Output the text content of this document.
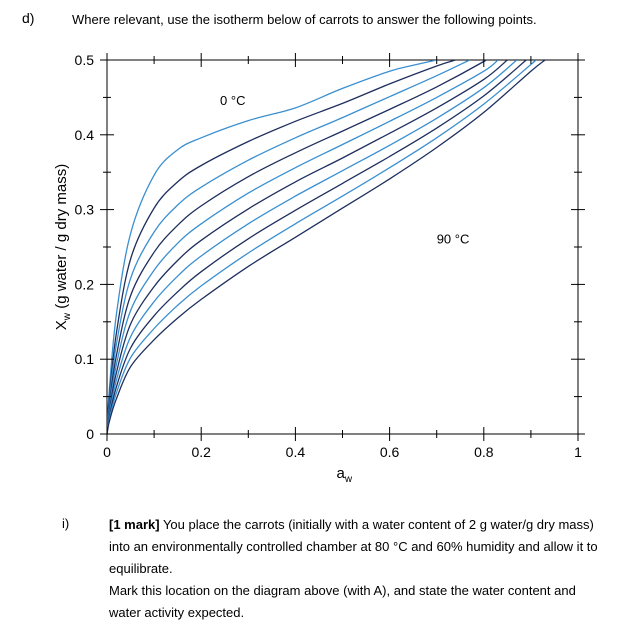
d)	Where relevant, use the isotherm below of carrots to answer the following points.
0	0.2	0.4	0.6	0.8	1
0
0.1
0.2
0.3
0.4
0.5
0 °C
90 °C
$a_w$
$X_w$ (g water / g dry mass)
i)	[1 mark] You place the carrots (initially with a water content of 2 g water/g dry mass) into an environmentally controlled chamber at 80 °C and 60% humidity and allow it to equilibrate.
Mark this location on the diagram above (with A), and state the water content and water activity expected.
